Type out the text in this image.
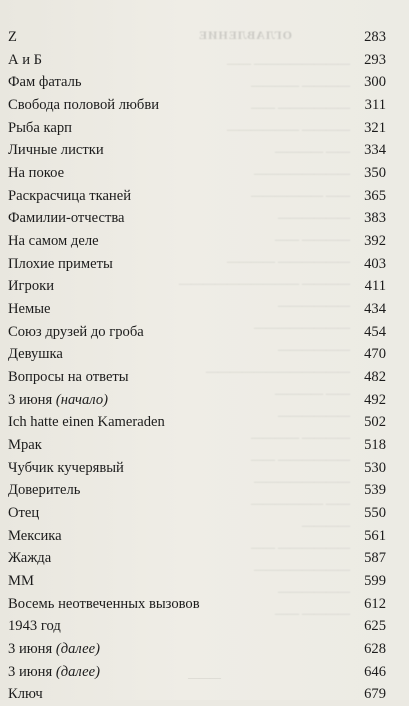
ОГЛАВЛЕНИЕ
———————— ——
———— ————
—————— ——
———— ——————
—— ————
————————
—— ——————
——————
———— ——
—————— ————
———— ——————————
——————
————————
—————— ————————————
—— ————
——————
———— ————
—————— ——
————————
—— ——————
————
—————— ——
————————
——————
———— ——
Z	283
А и Б	293
Фам фаталь	300
Свобода половой любви	311
Рыба карп	321
Личные листки	334
На покое	350
Раскрасчица тканей	365
Фамилии-отчества	383
На самом деле	392
Плохие приметы	403
Игроки	411
Немые	434
Союз друзей до гроба	454
Девушка	470
Вопросы на ответы	482
3 июня (начало)	492
Ich hatte einen Kameraden	502
Мрак	518
Чубчик кучерявый	530
Доверитель	539
Отец	550
Мексика	561
Жажда	587
ММ	599
Восемь неотвеченных вызовов	612
1943 год	625
3 июня (далее)	628
3 июня (далее)	646
Ключ	679
———
